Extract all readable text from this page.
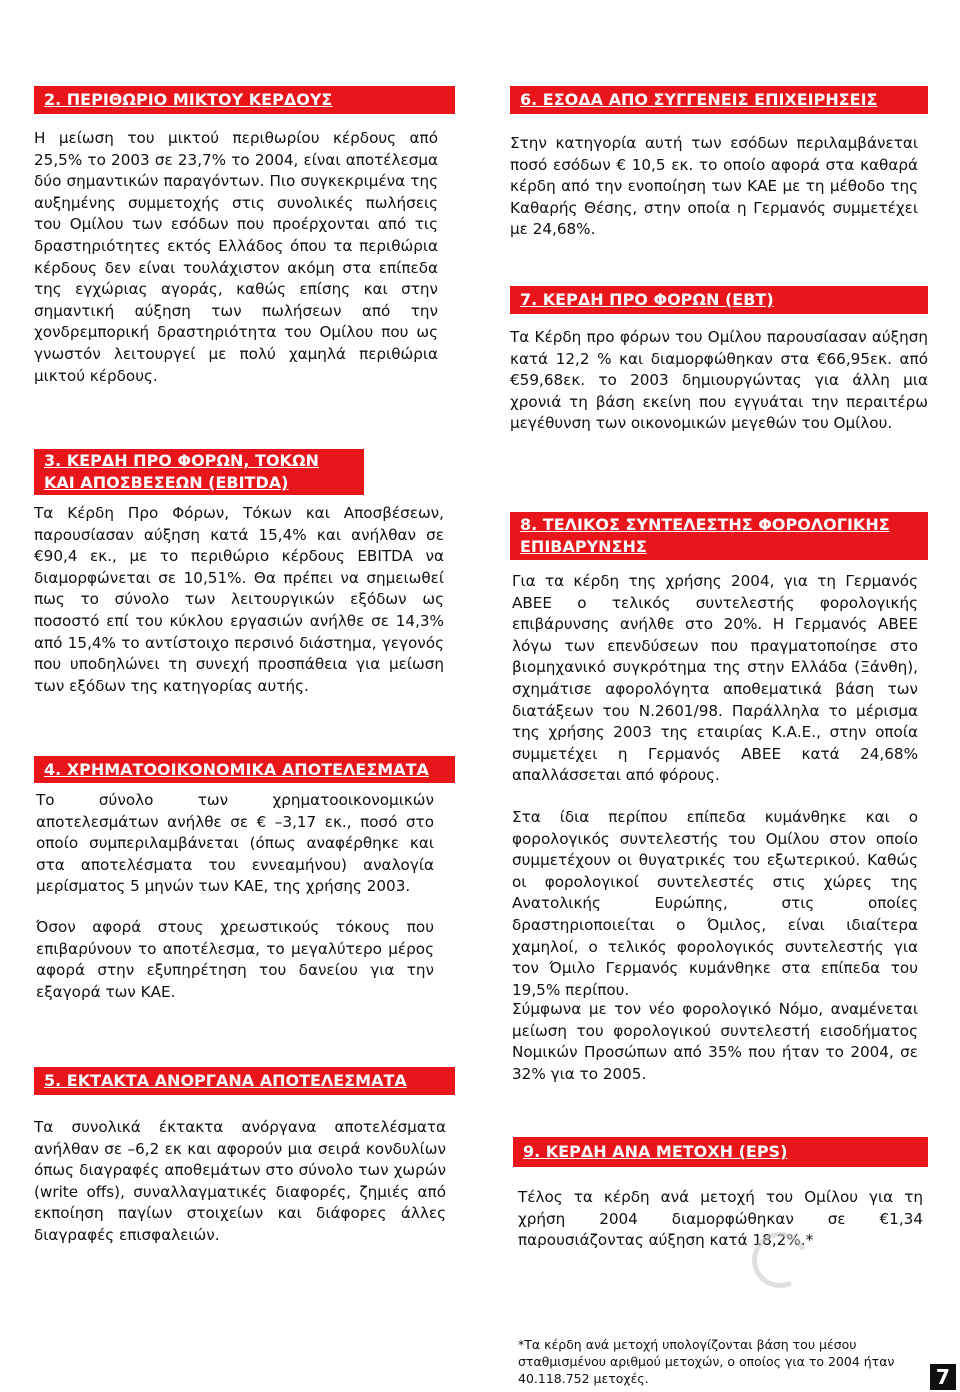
2. ΠΕΡΙΘΩΡΙΟ ΜΙΚΤΟΥ ΚΕΡΔΟΥΣ

Η μείωση του μικτού περιθωρίου κέρδους από 25,5% το 2003 σε 23,7% το 2004, είναι αποτέλεσμα δύο σημαντικών παραγόντων. Πιο συγκεκριμένα της αυξημένης συμμετοχής στις συνολικές πωλήσεις του Ομίλου των εσόδων που προέρχονται από τις δραστηριότητες εκτός Ελλάδος όπου τα περιθώρια κέρδους δεν είναι τουλάχιστον ακόμη στα επίπεδα της εγχώριας αγοράς, καθώς επίσης και στην σημαντική αύξηση των πωλήσεων από την χονδρεμπορική δραστηριότητα του Ομίλου που ως γνωστόν λειτουργεί με πολύ χαμηλά περιθώρια μικτού κέρδους.

3. ΚΕΡΔΗ ΠΡΟ ΦΟΡΩΝ, ΤΟΚΩΝ ΚΑΙ ΑΠΟΣΒΕΣΕΩΝ (EBITDA)

Τα Κέρδη Προ Φόρων, Τόκων και Αποσβέσεων, παρουσίασαν αύξηση κατά 15,4% και ανήλθαν σε €90,4 εκ., με το περιθώριο κέρδους EBITDA να διαμορφώνεται σε 10,51%. Θα πρέπει να σημειωθεί πως το σύνολο των λειτουργικών εξόδων ως ποσοστό επί του κύκλου εργασιών ανήλθε σε 14,3% από 15,4% το αντίστοιχο περσινό διάστημα, γεγονός που υποδηλώνει τη συνεχή προσπάθεια για μείωση των εξόδων της κατηγορίας αυτής.

4. ΧΡΗΜΑΤΟΟΙΚΟΝΟΜΙΚΑ ΑΠΟΤΕΛΕΣΜΑΤΑ

Το σύνολο των χρηματοοικονομικών αποτελεσμάτων ανήλθε σε € –3,17 εκ., ποσό στο οποίο συμπεριλαμβάνεται (όπως αναφέρθηκε και στα αποτελέσματα του εννεαμήνου) αναλογία μερίσματος 5 μηνών των ΚΑΕ, της χρήσης 2003.

Όσον αφορά στους χρεωστικούς τόκους που επιβαρύνουν το αποτέλεσμα, το μεγαλύτερο μέρος αφορά στην εξυπηρέτηση του δανείου για την εξαγορά των ΚΑΕ.

5. ΕΚΤΑΚΤΑ ΑΝΟΡΓΑΝΑ ΑΠΟΤΕΛΕΣΜΑΤΑ

Τα συνολικά έκτακτα ανόργανα αποτελέσματα ανήλθαν σε –6,2 εκ και αφορούν μια σειρά κονδυλίων όπως διαγραφές αποθεμάτων στο σύνολο των χωρών (write offs), συναλλαγματικές διαφορές, ζημιές από εκποίηση παγίων στοιχείων και διάφορες άλλες διαγραφές επισφαλειών.

6. ΕΣΟΔΑ ΑΠΟ ΣΥΓΓΕΝΕΙΣ ΕΠΙΧΕΙΡΗΣΕΙΣ

Στην κατηγορία αυτή των εσόδων περιλαμβάνεται ποσό εσόδων € 10,5 εκ. το οποίο αφορά στα καθαρά κέρδη από την ενοποίηση των ΚΑΕ με τη μέθοδο της Καθαρής Θέσης, στην οποία η Γερμανός συμμετέχει με 24,68%.

7. ΚΕΡΔΗ ΠΡΟ ΦΟΡΩΝ (EBT)

Τα Κέρδη προ φόρων του Ομίλου παρουσίασαν αύξηση κατά 12,2 % και διαμορφώθηκαν στα €66,95εκ. από €59,68εκ. το 2003 δημιουργώντας για άλλη μια χρονιά τη βάση εκείνη που εγγυάται την περαιτέρω μεγέθυνση των οικονομικών μεγεθών του Ομίλου.

8. ΤΕΛΙΚΟΣ ΣΥΝΤΕΛΕΣΤΗΣ ΦΟΡΟΛΟΓΙΚΗΣ ΕΠΙΒΑΡΥΝΣΗΣ

Για τα κέρδη της χρήσης 2004, για τη Γερμανός ΑΒΕΕ ο τελικός συντελεστής φορολογικής επιβάρυνσης ανήλθε στο 20%. Η Γερμανός ΑΒΕΕ λόγω των επενδύσεων που πραγματοποίησε στο βιομηχανικό συγκρότημα της στην Ελλάδα (Ξάνθη), σχημάτισε αφορολόγητα αποθεματικά βάση των διατάξεων του Ν.2601/98. Παράλληλα το μέρισμα της χρήσης 2003 της εταιρίας Κ.Α.Ε., στην οποία συμμετέχει η Γερμανός ΑΒΕΕ κατά 24,68% απαλλάσσεται από φόρους.

Στα ίδια περίπου επίπεδα κυμάνθηκε και ο φορολογικός συντελεστής του Ομίλου στον οποίο συμμετέχουν οι θυγατρικές του εξωτερικού. Καθώς οι φορολογικοί συντελεστές στις χώρες της Ανατολικής Ευρώπης, στις οποίες δραστηριοποιείται ο Όμιλος, είναι ιδιαίτερα χαμηλοί, ο τελικός φορολογικός συντελεστής για τον Όμιλο Γερμανός κυμάνθηκε στα επίπεδα του 19,5% περίπου.

Σύμφωνα με τον νέο φορολογικό Νόμο, αναμένεται μείωση του φορολογικού συντελεστή εισοδήματος Νομικών Προσώπων από 35% που ήταν το 2004, σε 32% για το 2005.

9. ΚΕΡΔΗ ΑΝΑ ΜΕΤΟΧΗ (EPS)

Τέλος τα κέρδη ανά μετοχή του Ομίλου για τη χρήση 2004 διαμορφώθηκαν σε €1,34 παρουσιάζοντας αύξηση κατά 18,2%.*

*Τα κέρδη ανά μετοχή υπολογίζονται βάση του μέσου σταθμισμένου αριθμού μετοχών, ο οποίος για το 2004 ήταν 40.118.752 μετοχές.	7
